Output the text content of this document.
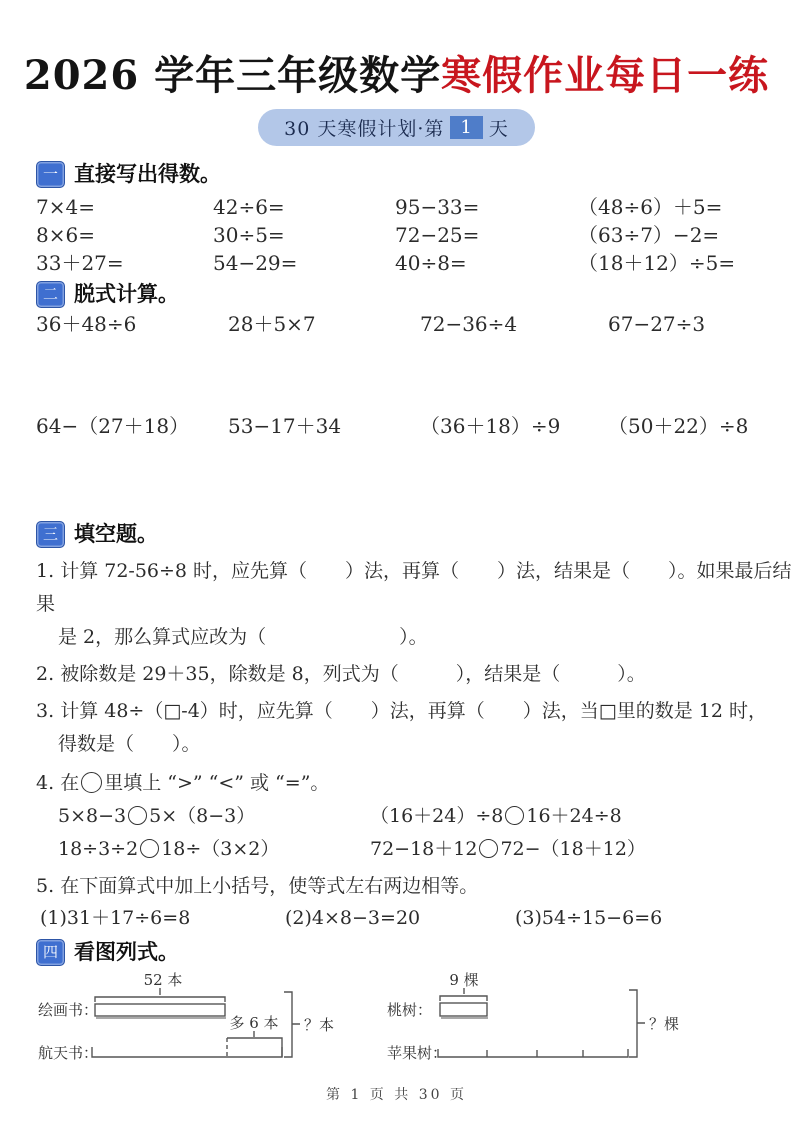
2026 学年三年级数学寒假作业每日一练
30 天寒假计划·第 1 天
一 直接写出得数。
7×4=	42÷6=	95−33=	（48÷6）＋5=
8×6=	30÷5=	72−25=	（63÷7）−2=
33＋27=	54−29=	40÷8=	（18＋12）÷5=
二 脱式计算。
36＋48÷6	28＋5×7	72−36÷4	67−27÷3
64−（27＋18）	53−17＋34	（36＋18）÷9	（50＋22）÷8
三 填空题。
1. 计算 72-56÷8 时，应先算（　　）法，再算（　　）法，结果是（　　）。如果最后结果
是 2，那么算式应改为（　　　　　　　）。
2. 被除数是 29＋35，除数是 8，列式为（　　　），结果是（　　　）。
3. 计算 48÷（□-4）时，应先算（　　）法，再算（　　）法，当□里的数是 12 时，
得数是（　　）。
4. 在 里填上 “>” “<” 或 “=”。
5×8−3 5×（8−3）	（16＋24）÷8 16＋24÷8
18÷3÷2 18÷（3×2）	72−18＋12 72−（18＋12）
5. 在下面算式中加上小括号，使等式左右两边相等。
(1)31＋17÷6=8	(2)4×8−3=20	(3)54÷15−6=6
四 看图列式。
52 本
绘画书：
多 6 本
航天书：
？本
9 棵
桃树：
苹果树：
？棵
第 1 页 共 30 页
